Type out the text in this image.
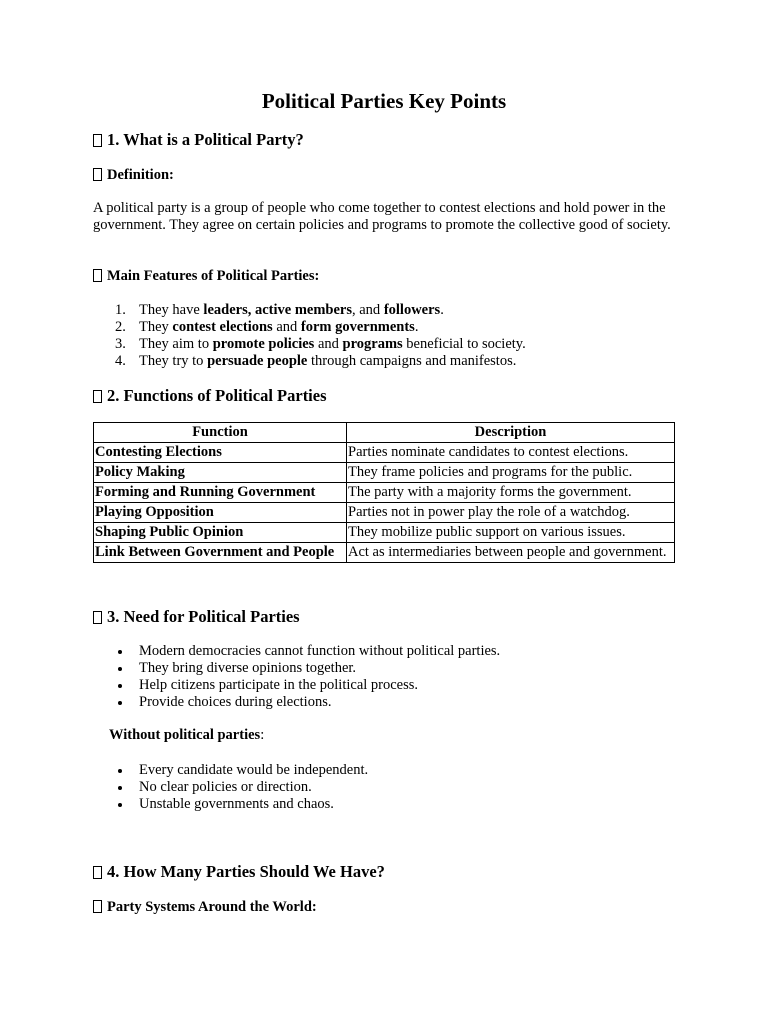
Political Parties Key Points
1. What is a Political Party?
Definition:
A political party is a group of people who come together to contest elections and hold power in the government. They agree on certain policies and programs to promote the collective good of society.
Main Features of Political Parties:
1. They have leaders, active members, and followers.
2. They contest elections and form governments.
3. They aim to promote policies and programs beneficial to society.
4. They try to persuade people through campaigns and manifestos.
2. Functions of Political Parties
Function	Description
Contesting Elections	Parties nominate candidates to contest elections.
Policy Making	They frame policies and programs for the public.
Forming and Running Government	The party with a majority forms the government.
Playing Opposition	Parties not in power play the role of a watchdog.
Shaping Public Opinion	They mobilize public support on various issues.
Link Between Government and People	Act as intermediaries between people and government.
3. Need for Political Parties
Modern democracies cannot function without political parties.
They bring diverse opinions together.
Help citizens participate in the political process.
Provide choices during elections.
Without political parties:
Every candidate would be independent.
No clear policies or direction.
Unstable governments and chaos.
4. How Many Parties Should We Have?
Party Systems Around the World:
